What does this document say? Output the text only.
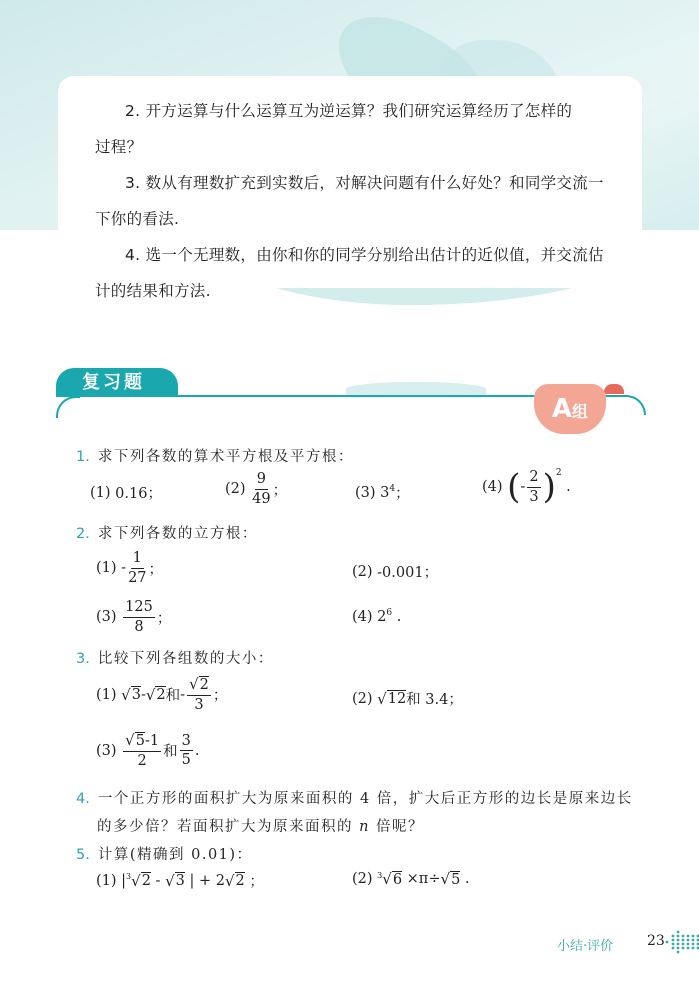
2. 开方运算与什么运算互为逆运算？我们研究运算经历了怎样的

过程？

3. 数从有理数扩充到实数后，对解决问题有什么好处？和同学交流一

下你的看法.

4. 选一个无理数，由你和你的同学分别给出估计的近似值，并交流估

计的结果和方法.

复习题
A组
1. 求下列各数的算术平方根及平方根：
(1)
0.16；	(2)
$\frac{9}{49}$ ；	(3)
3 4 ；	(4)
( - $\frac{2}{3}$ ) 2

.
2. 求下列各数的立方根：
(1)
- $\frac{1}{27}$ ；	(2)
-0.001；
(3)
$\frac{125}{8}$ ；	(4)
2 6
.
3. 比较下列各组数的大小：
(1)
√ 3 - √ 2 和 - $\frac{√2}{3}$ ；	(2)
√ 12 和
3.4；
(3)
$\frac{√5-1}{2}$ 和 $\frac{3}{5}$ .
4. 一个正方形的面积扩大为原来面积的 4 倍，扩大后正方形的边长是原来边长
的多少倍？若面积扩大为原来面积的 n 倍呢？
5. 计算(精确到 0.01)：
(1) | 3 √ 2 - √ 3 | + 2 √ 2
；	(2)
3 √ 6
×π÷ √ 5
.
小结·评价 23
